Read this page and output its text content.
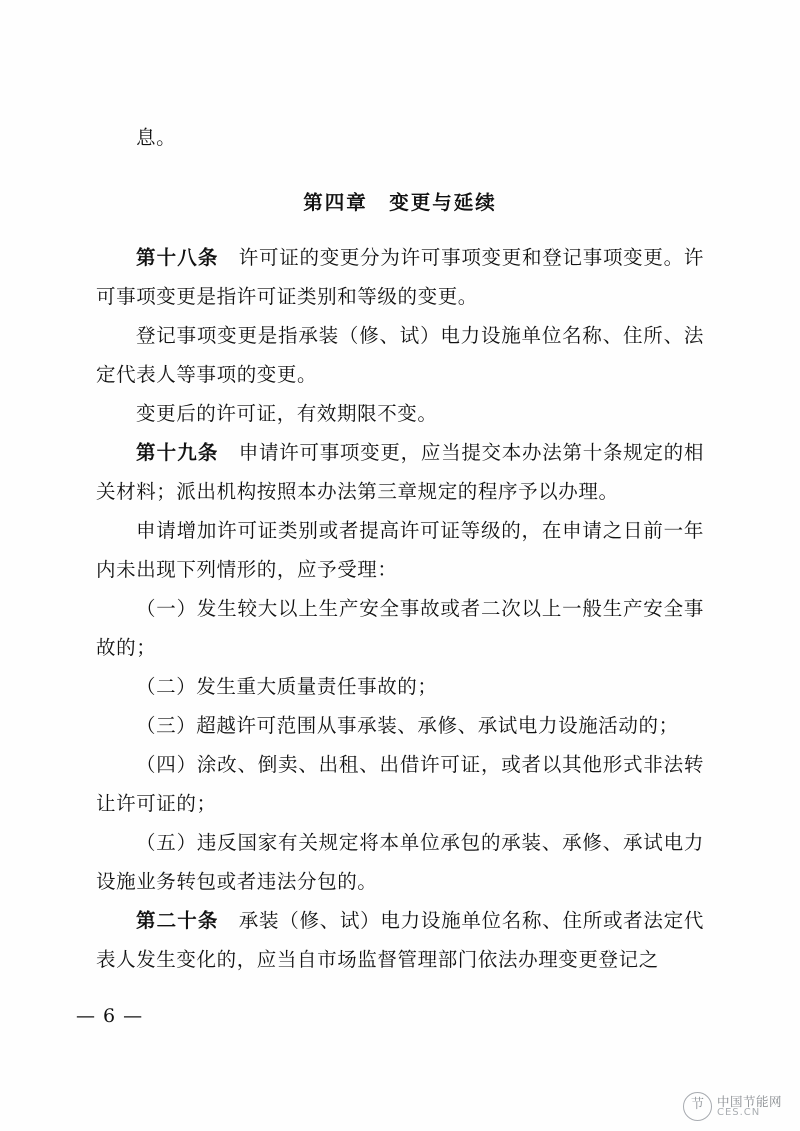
息。

第四章　变更与延续

第十八条　许可证的变更分为许可事项变更和登记事项变更。许可事项变更是指许可证类别和等级的变更。

登记事项变更是指承装（修、试）电力设施单位名称、住所、法定代表人等事项的变更。

变更后的许可证，有效期限不变。

第十九条　申请许可事项变更，应当提交本办法第十条规定的相关材料；派出机构按照本办法第三章规定的程序予以办理。

申请增加许可证类别或者提高许可证等级的，在申请之日前一年内未出现下列情形的，应予受理：

（一）发生较大以上生产安全事故或者二次以上一般生产安全事故的；

（二）发生重大质量责任事故的；

（三）超越许可范围从事承装、承修、承试电力设施活动的；

（四）涂改、倒卖、出租、出借许可证，或者以其他形式非法转让许可证的；

（五）违反国家有关规定将本单位承包的承装、承修、承试电力设施业务转包或者违法分包的。

第二十条　承装（修、试）电力设施单位名称、住所或者法定代表人发生变化的，应当自市场监督管理部门依法办理变更登记之

— 6 —
节	中国节能网
CES.CN
